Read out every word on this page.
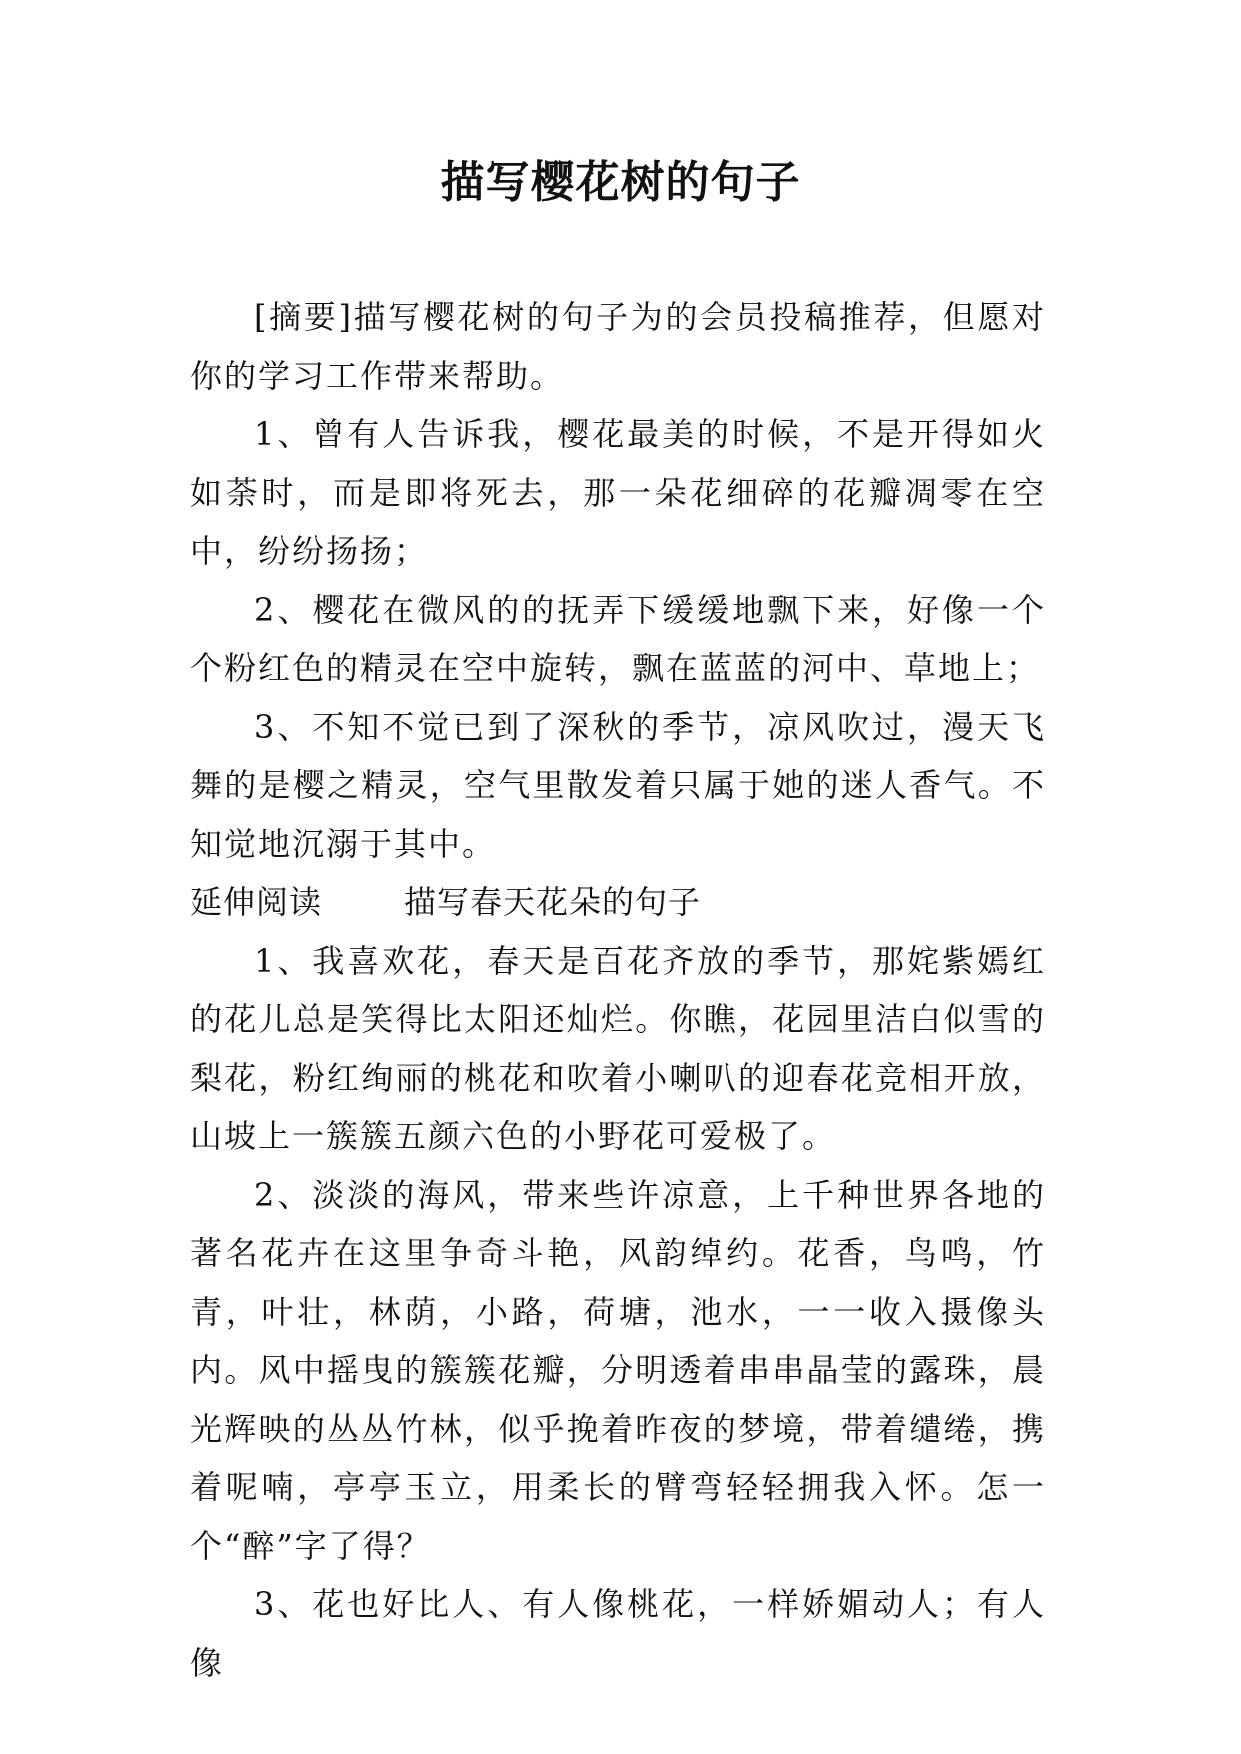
描写樱花树的句子

[摘要]描写樱花树的句子为的会员投稿推荐，但愿对你的学习工作带来帮助。

1、曾有人告诉我，樱花最美的时候，不是开得如火如荼时，而是即将死去，那一朵花细碎的花瓣凋零在空中，纷纷扬扬；

2、樱花在微风的的抚弄下缓缓地飘下来，好像一个个粉红色的精灵在空中旋转，飘在蓝蓝的河中、草地上；

3、不知不觉已到了深秋的季节，凉风吹过，漫天飞舞的是樱之精灵，空气里散发着只属于她的迷人香气。不知觉地沉溺于其中。

延伸阅读	描写春天花朵的句子

1、我喜欢花，春天是百花齐放的季节，那姹紫嫣红的花儿总是笑得比太阳还灿烂。你瞧，花园里洁白似雪的梨花，粉红绚丽的桃花和吹着小喇叭的迎春花竞相开放，山坡上一簇簇五颜六色的小野花可爱极了。

2、淡淡的海风，带来些许凉意，上千种世界各地的著名花卉在这里争奇斗艳，风韵绰约。花香，鸟鸣，竹青，叶壮，林荫，小路，荷塘，池水，一一收入摄像头内。风中摇曳的簇簇花瓣，分明透着串串晶莹的露珠，晨光辉映的丛丛竹林，似乎挽着昨夜的梦境，带着缱绻，携着呢喃，亭亭玉立，用柔长的臂弯轻轻拥我入怀。怎一个“醉”字了得？

3、花也好比人、有人像桃花，一样娇媚动人；有人像
